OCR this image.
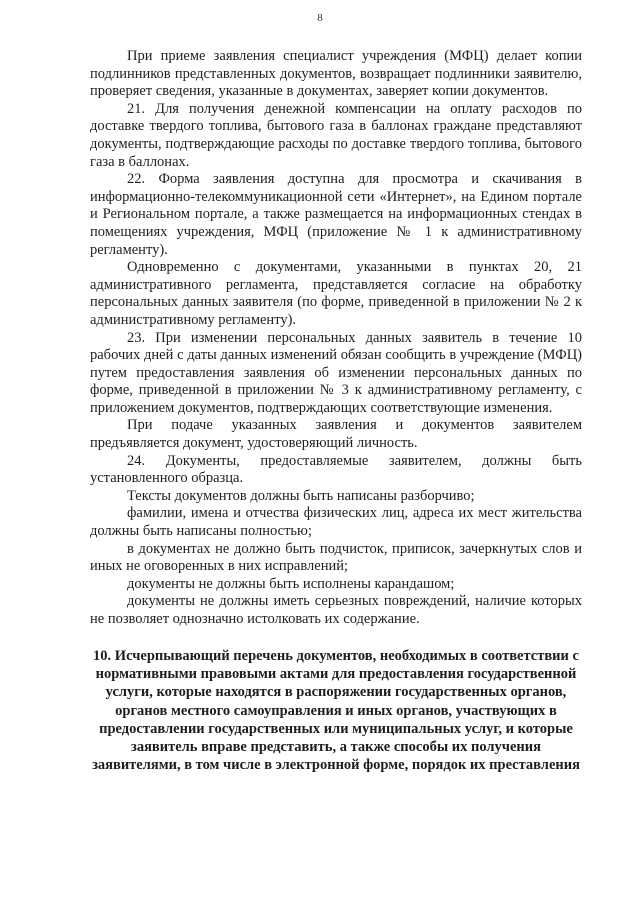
8

При приеме заявления специалист учреждения (МФЦ) делает копии подлинников представленных документов, возвращает подлинники заявителю, проверяет сведения, указанные в документах, заверяет копии документов.

21. Для получения денежной компенсации на оплату расходов по доставке твердого топлива, бытового газа в баллонах граждане представляют документы, подтверждающие расходы по доставке твердого топлива, бытового газа в баллонах.

22. Форма заявления доступна для просмотра и скачивания в информационно-телекоммуникационной сети «Интернет», на Едином портале и Региональном портале, а также размещается на информационных стендах в помещениях учреждения, МФЦ (приложение № 1 к административному регламенту).

Одновременно с документами, указанными в пунктах 20, 21 административного регламента, представляется согласие на обработку персональных данных заявителя (по форме, приведенной в приложении № 2 к административному регламенту).

23. При изменении персональных данных заявитель в течение 10 рабочих дней с даты данных изменений обязан сообщить в учреждение (МФЦ) путем предоставления заявления об изменении персональных данных по форме, приведенной в приложении № 3 к административному регламенту, с приложением документов, подтверждающих соответствующие изменения.

При подаче указанных заявления и документов заявителем предъявляется документ, удостоверяющий личность.

24. Документы, предоставляемые заявителем, должны быть установленного образца.

Тексты документов должны быть написаны разборчиво;

фамилии, имена и отчества физических лиц, адреса их мест жительства должны быть написаны полностью;

в документах не должно быть подчисток, приписок, зачеркнутых слов и иных не оговоренных в них исправлений;

документы не должны быть исполнены карандашом;

документы не должны иметь серьезных повреждений, наличие которых не позволяет однозначно истолковать их содержание.

10. Исчерпывающий перечень документов, необходимых в соответствии с нормативными правовыми актами для предоставления государственной услуги, которые находятся в распоряжении государственных органов, органов местного самоуправления и иных органов, участвующих в предоставлении государственных или муниципальных услуг, и которые заявитель вправе представить, а также способы их получения заявителями, в том числе в электронной форме, порядок их преставления
